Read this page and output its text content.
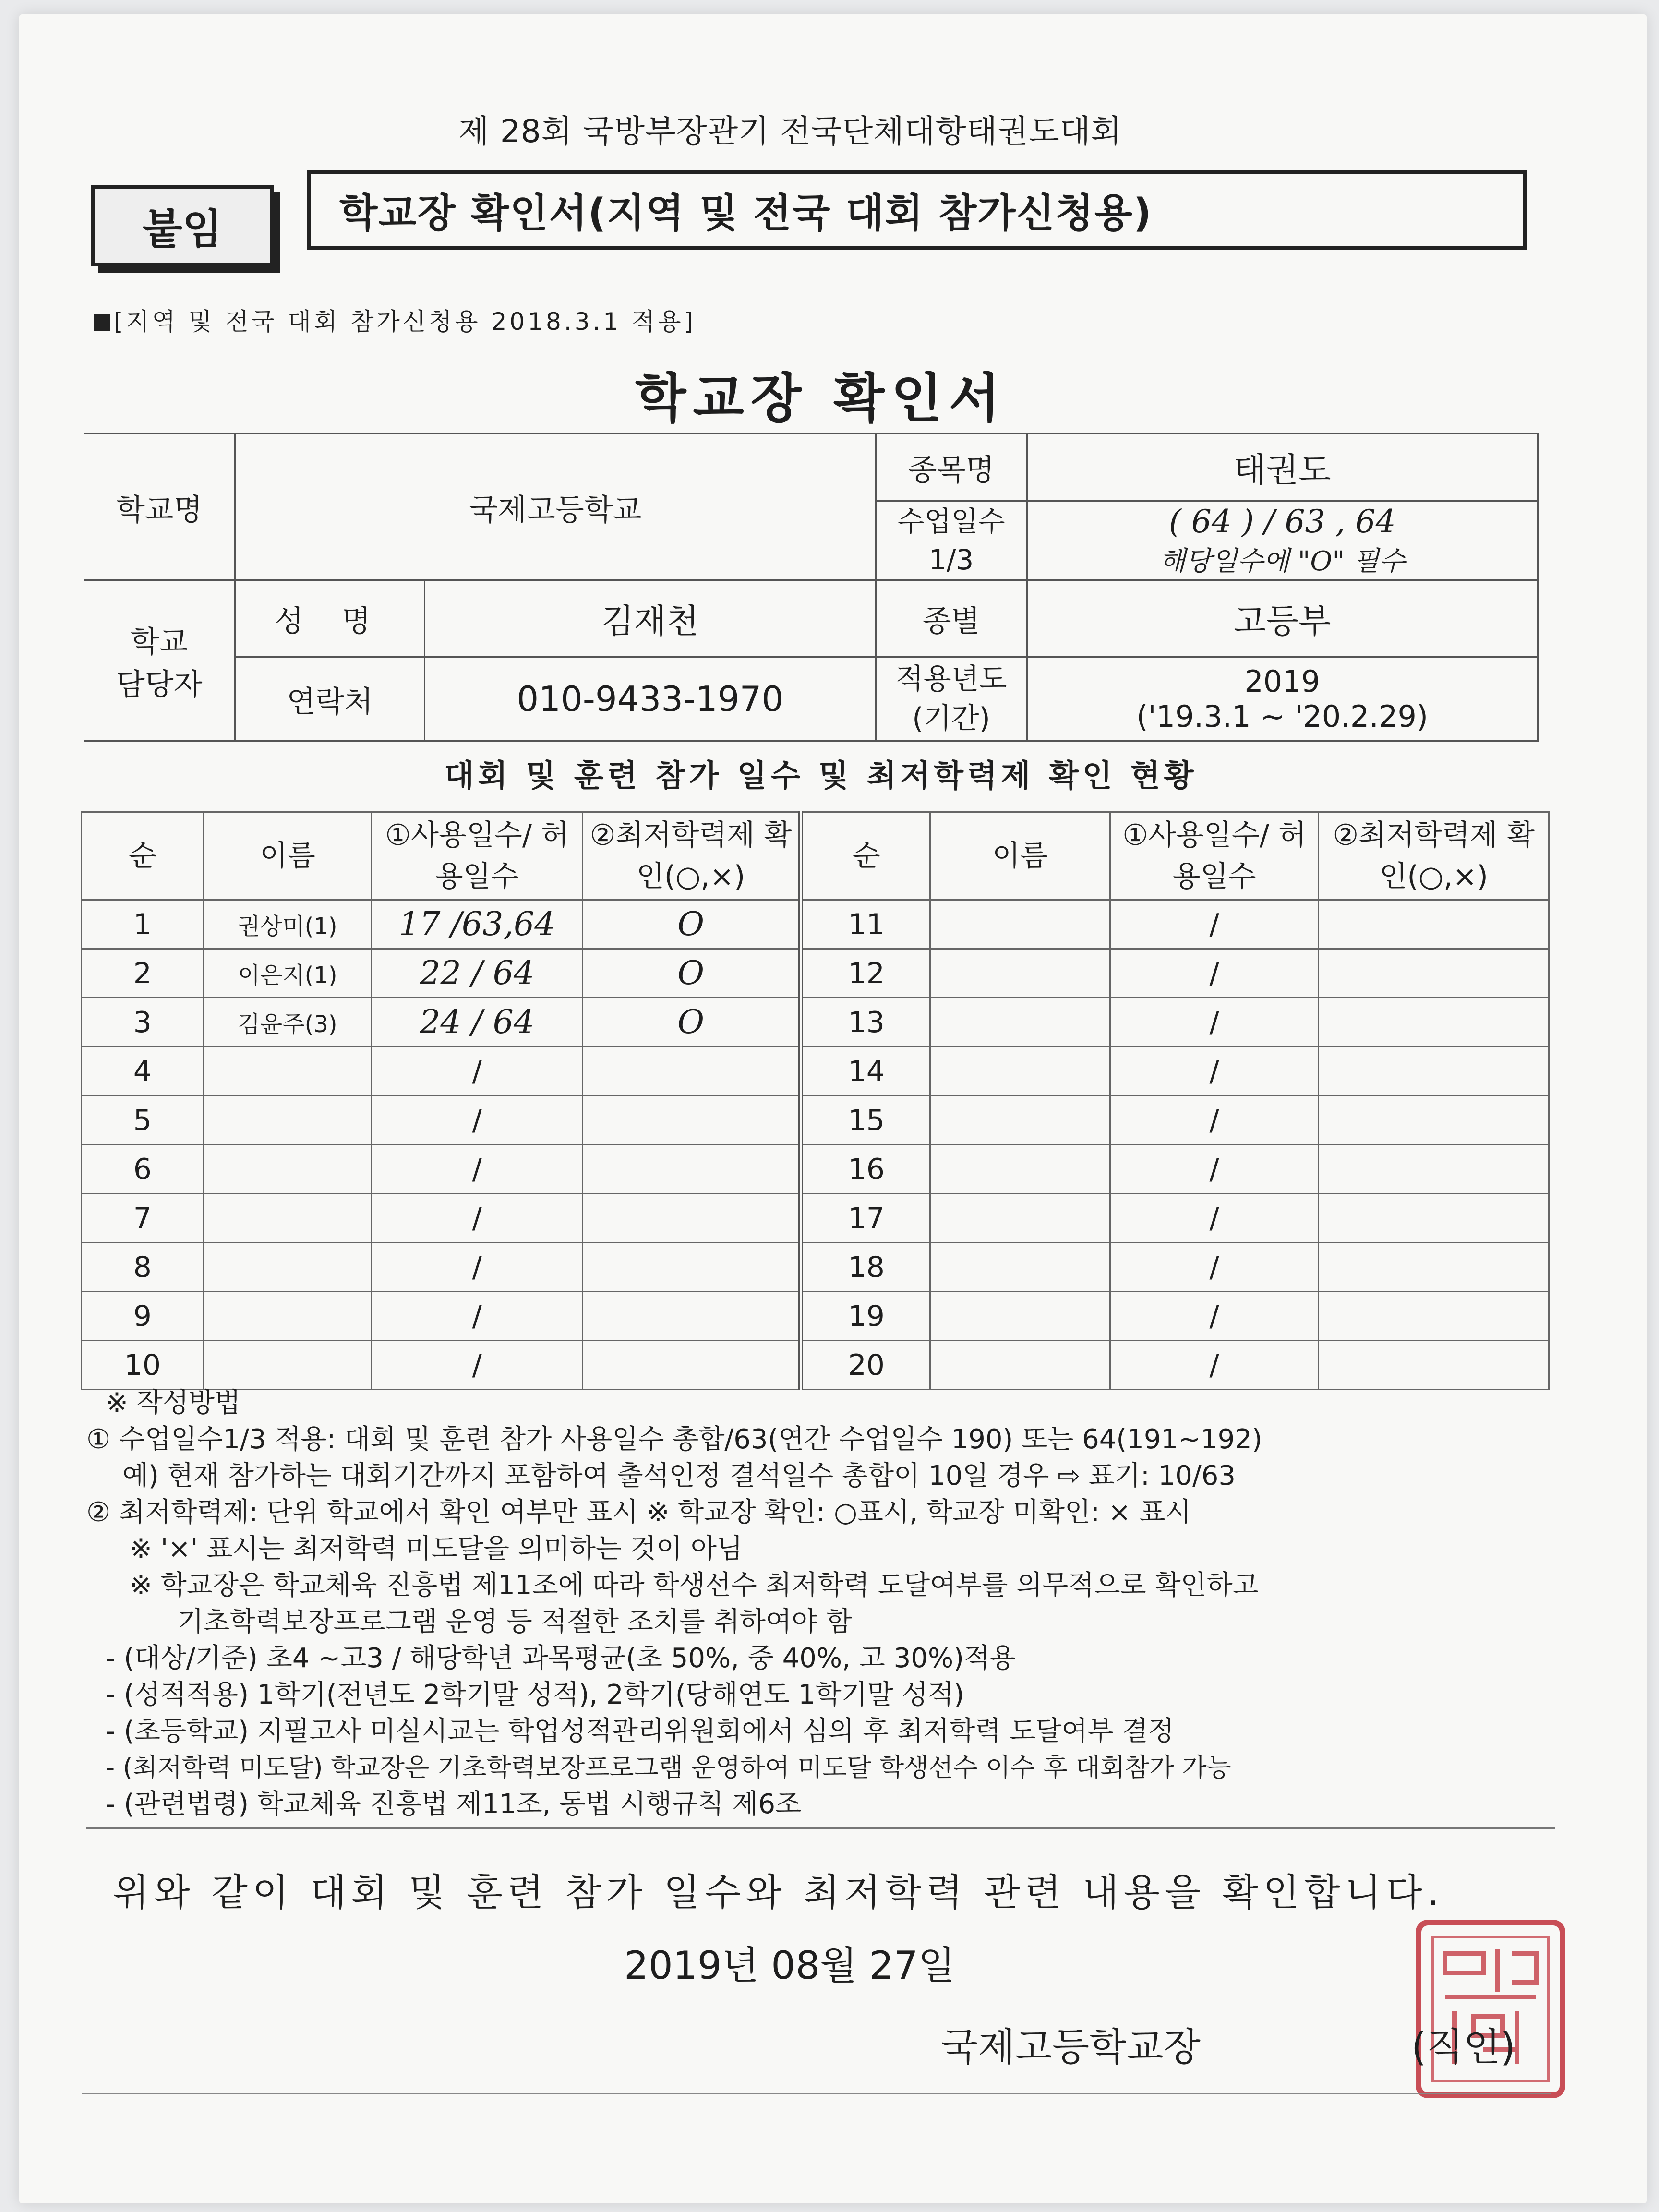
제 28회 국방부장관기 전국단체대항태권도대회
붙임	학교장 확인서(지역 및 전국 대회 참가신청용)
[지역 및 전국 대회 참가신청용 2018.3.1 적용]
학교장 확인서
학교명	국제고등학교		종목명	태권도
			수업일수 1/3	( 64 ) / 63 , 64
해당일수에 "O" 필수

학교
담당자	성 명	김재천	종별	고등부
	연락처	010-9433-1970	적용년도 (기간)	2019
('19.3.1 ~ '20.2.29)
대회 및 훈련 참가 일수 및 최저학력제 확인 현황
순	이름	①사용일수/ 허용일수	②최저학력제 확인(○,×)	순	이름	①사용일수/ 허용일수	②최저학력제 확인(○,×)
1	권상미(1)	17 /63,64	O	11		/	
2	이은지(1)	22 / 64	O	12		/	
3	김윤주(3)	24 / 64	O	13		/	
4		/		14		/	
5		/		15		/	
6		/		16		/	
7		/		17		/	
8		/		18		/	
9		/		19		/	
10		/		20		/	
※ 작성방법
① 수업일수1/3 적용: 대회 및 훈련 참가 사용일수 총합/63(연간 수업일수 190) 또는 64(191~192)
예) 현재 참가하는 대회기간까지 포함하여 출석인정 결석일수 총합이 10일 경우 ⇨ 표기: 10/63
② 최저학력제: 단위 학교에서 확인 여부만 표시 ※ 학교장 확인: ○표시, 학교장 미확인: × 표시
※ '×' 표시는 최저학력 미도달을 의미하는 것이 아님
※ 학교장은 학교체육 진흥법 제11조에 따라 학생선수 최저학력 도달여부를 의무적으로 확인하고
기초학력보장프로그램 운영 등 적절한 조치를 취하여야 함
- (대상/기준) 초4 ~고3 / 해당학년 과목평균(초 50%, 중 40%, 고 30%)적용
- (성적적용) 1학기(전년도 2학기말 성적), 2학기(당해연도 1학기말 성적)
- (초등학교) 지필고사 미실시교는 학업성적관리위원회에서 심의 후 최저학력 도달여부 결정
- (최저학력 미도달) 학교장은 기초학력보장프로그램 운영하여 미도달 학생선수 이수 후 대회참가 가능
- (관련법령) 학교체육 진흥법 제11조, 동법 시행규칙 제6조
위와 같이 대회 및 훈련 참가 일수와 최저학력 관련 내용을 확인합니다.
2019년 08월 27일
국제고등학교장	(직인)
